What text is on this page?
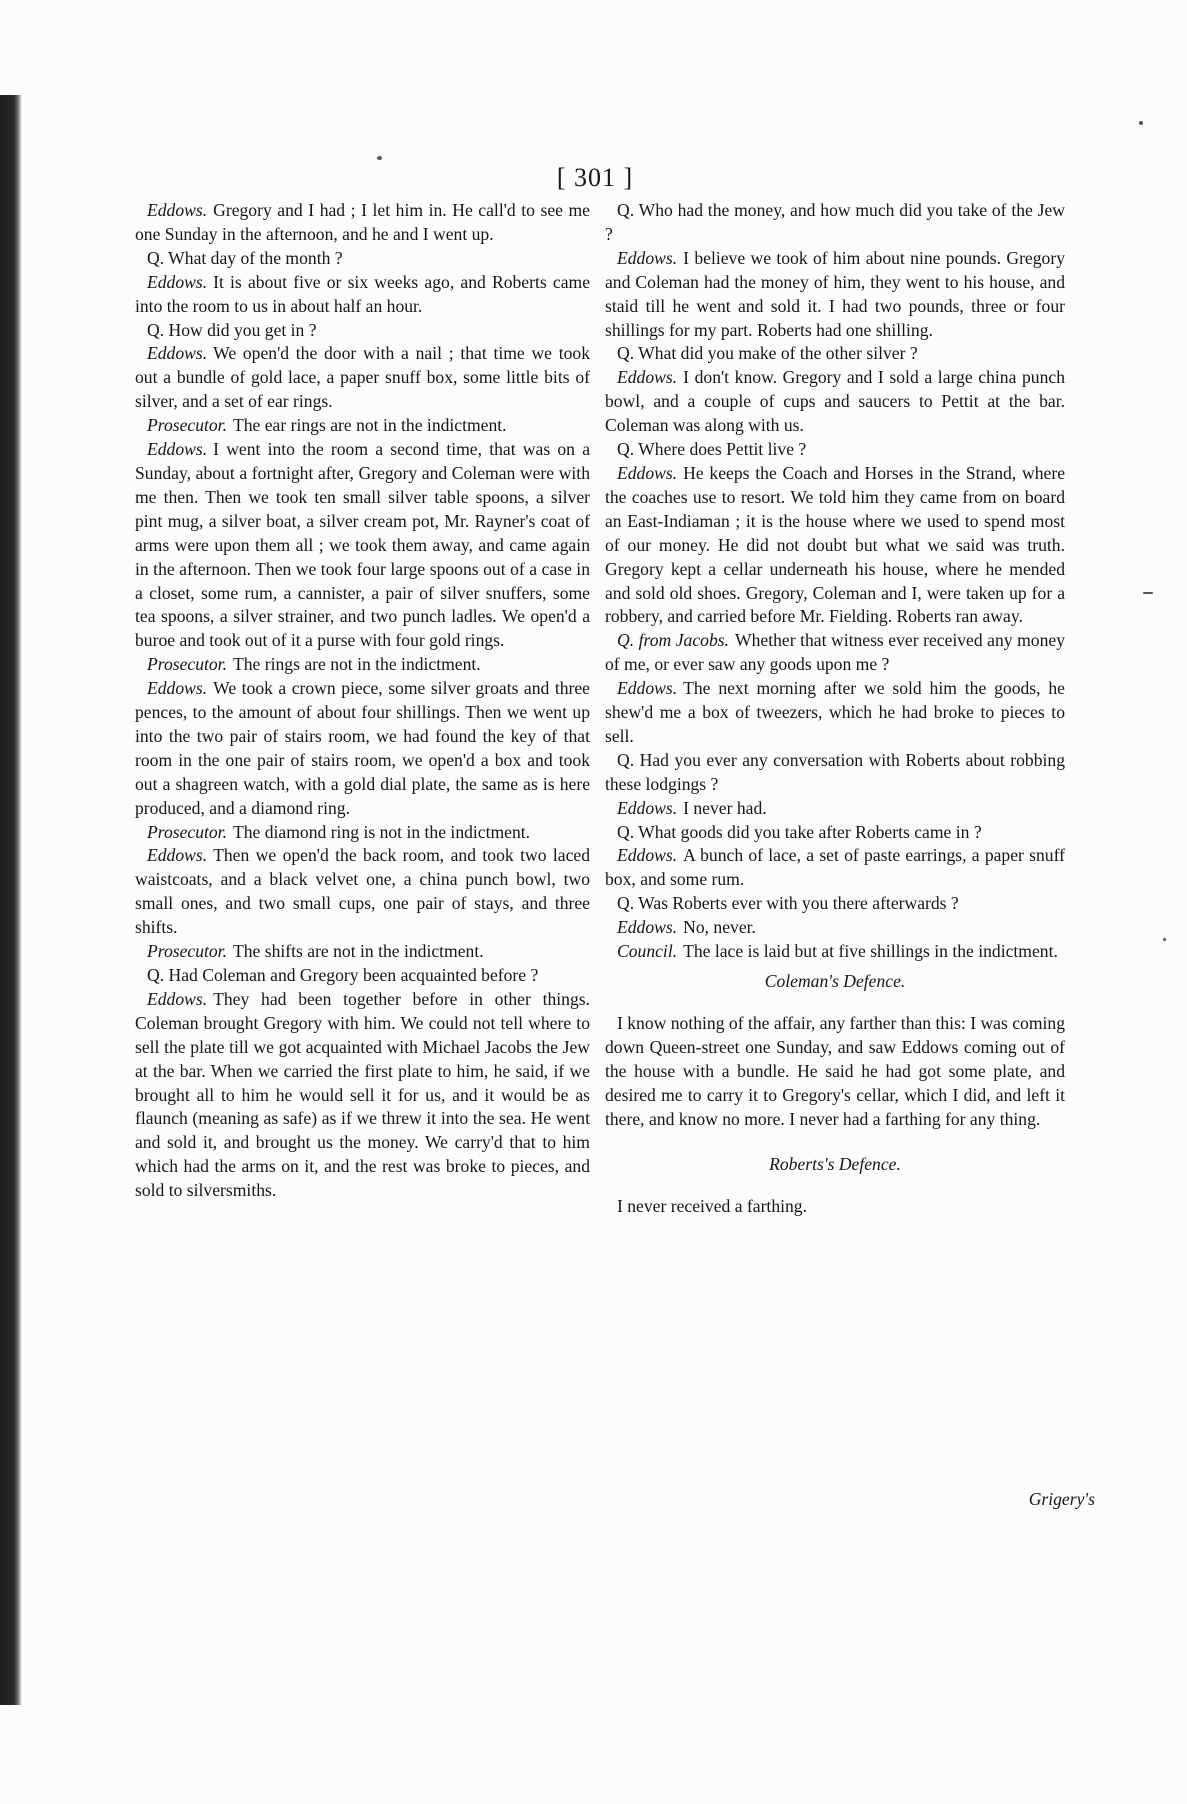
[ 301 ]

Eddows. Gregory and I had ; I let him in. He call'd to see me one Sunday in the afternoon, and he and I went up.

Q. What day of the month ?

Eddows. It is about five or six weeks ago, and Roberts came into the room to us in about half an hour.

Q. How did you get in ?

Eddows. We open'd the door with a nail ; that time we took out a bundle of gold lace, a paper snuff box, some little bits of silver, and a set of ear rings.

Prosecutor. The ear rings are not in the indictment.

Eddows. I went into the room a second time, that was on a Sunday, about a fortnight after, Gregory and Coleman were with me then. Then we took ten small silver table spoons, a silver pint mug, a silver boat, a silver cream pot, Mr. Rayner's coat of arms were upon them all ; we took them away, and came again in the afternoon. Then we took four large spoons out of a case in a closet, some rum, a cannister, a pair of silver snuffers, some tea spoons, a silver strainer, and two punch ladles. We open'd a buroe and took out of it a purse with four gold rings.

Prosecutor. The rings are not in the indictment.

Eddows. We took a crown piece, some silver groats and three pences, to the amount of about four shillings. Then we went up into the two pair of stairs room, we had found the key of that room in the one pair of stairs room, we open'd a box and took out a shagreen watch, with a gold dial plate, the same as is here produced, and a diamond ring.

Prosecutor. The diamond ring is not in the indictment.

Eddows. Then we open'd the back room, and took two laced waistcoats, and a black velvet one, a china punch bowl, two small ones, and two small cups, one pair of stays, and three shifts.

Prosecutor. The shifts are not in the indictment.

Q. Had Coleman and Gregory been acquainted before ?

Eddows. They had been together before in other things. Coleman brought Gregory with him. We could not tell where to sell the plate till we got acquainted with Michael Jacobs the Jew at the bar. When we carried the first plate to him, he said, if we brought all to him he would sell it for us, and it would be as flaunch (meaning as safe) as if we threw it into the sea. He went and sold it, and brought us the money. We carry'd that to him which had the arms on it, and the rest was broke to pieces, and sold to silversmiths.

Q. Who had the money, and how much did you take of the Jew ?

Eddows. I believe we took of him about nine pounds. Gregory and Coleman had the money of him, they went to his house, and staid till he went and sold it. I had two pounds, three or four shillings for my part. Roberts had one shilling.

Q. What did you make of the other silver ?

Eddows. I don't know. Gregory and I sold a large china punch bowl, and a couple of cups and saucers to Pettit at the bar. Coleman was along with us.

Q. Where does Pettit live ?

Eddows. He keeps the Coach and Horses in the Strand, where the coaches use to resort. We told him they came from on board an East-Indiaman ; it is the house where we used to spend most of our money. He did not doubt but what we said was truth. Gregory kept a cellar underneath his house, where he mended and sold old shoes. Gregory, Coleman and I, were taken up for a robbery, and carried before Mr. Fielding. Roberts ran away.

Q. from Jacobs. Whether that witness ever received any money of me, or ever saw any goods upon me ?

Eddows. The next morning after we sold him the goods, he shew'd me a box of tweezers, which he had broke to pieces to sell.

Q. Had you ever any conversation with Roberts about robbing these lodgings ?

Eddows. I never had.

Q. What goods did you take after Roberts came in ?

Eddows. A bunch of lace, a set of paste earrings, a paper snuff box, and some rum.

Q. Was Roberts ever with you there afterwards ?

Eddows. No, never.

Council. The lace is laid but at five shillings in the indictment.

Coleman's Defence.

I know nothing of the affair, any farther than this: I was coming down Queen-street one Sunday, and saw Eddows coming out of the house with a bundle. He said he had got some plate, and desired me to carry it to Gregory's cellar, which I did, and left it there, and know no more. I never had a farthing for any thing.

Roberts's Defence.

I never received a farthing.

Grigery's
